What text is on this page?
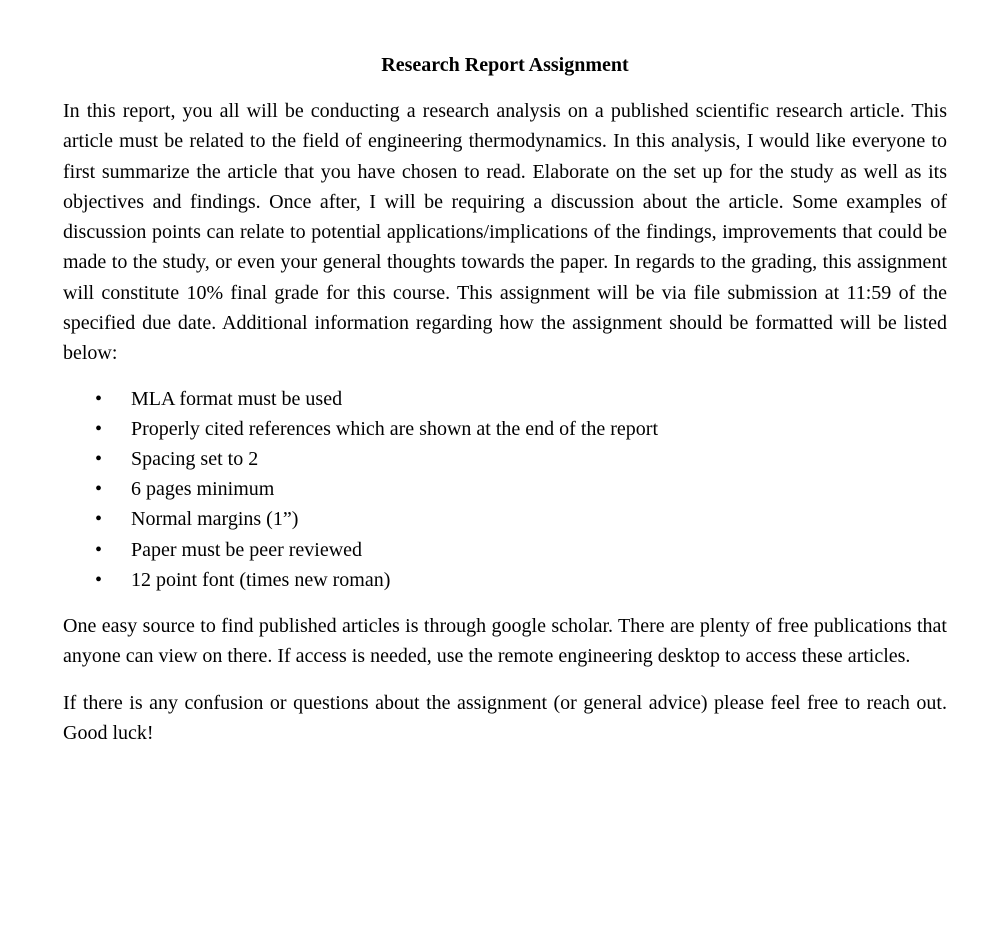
Research Report Assignment

In this report, you all will be conducting a research analysis on a published scientific research article. This article must be related to the field of engineering thermodynamics. In this analysis, I would like everyone to first summarize the article that you have chosen to read. Elaborate on the set up for the study as well as its objectives and findings. Once after, I will be requiring a discussion about the article. Some examples of discussion points can relate to potential applications/implications of the findings, improvements that could be made to the study, or even your general thoughts towards the paper. In regards to the grading, this assignment will constitute 10% final grade for this course. This assignment will be via file submission at 11:59 of the specified due date. Additional information regarding how the assignment should be formatted will be listed below:

• MLA format must be used
• Properly cited references which are shown at the end of the report
• Spacing set to 2
• 6 pages minimum
• Normal margins (1”)
• Paper must be peer reviewed
• 12 point font (times new roman)

One easy source to find published articles is through google scholar. There are plenty of free publications that anyone can view on there. If access is needed, use the remote engineering desktop to access these articles.

If there is any confusion or questions about the assignment (or general advice) please feel free to reach out. Good luck!
